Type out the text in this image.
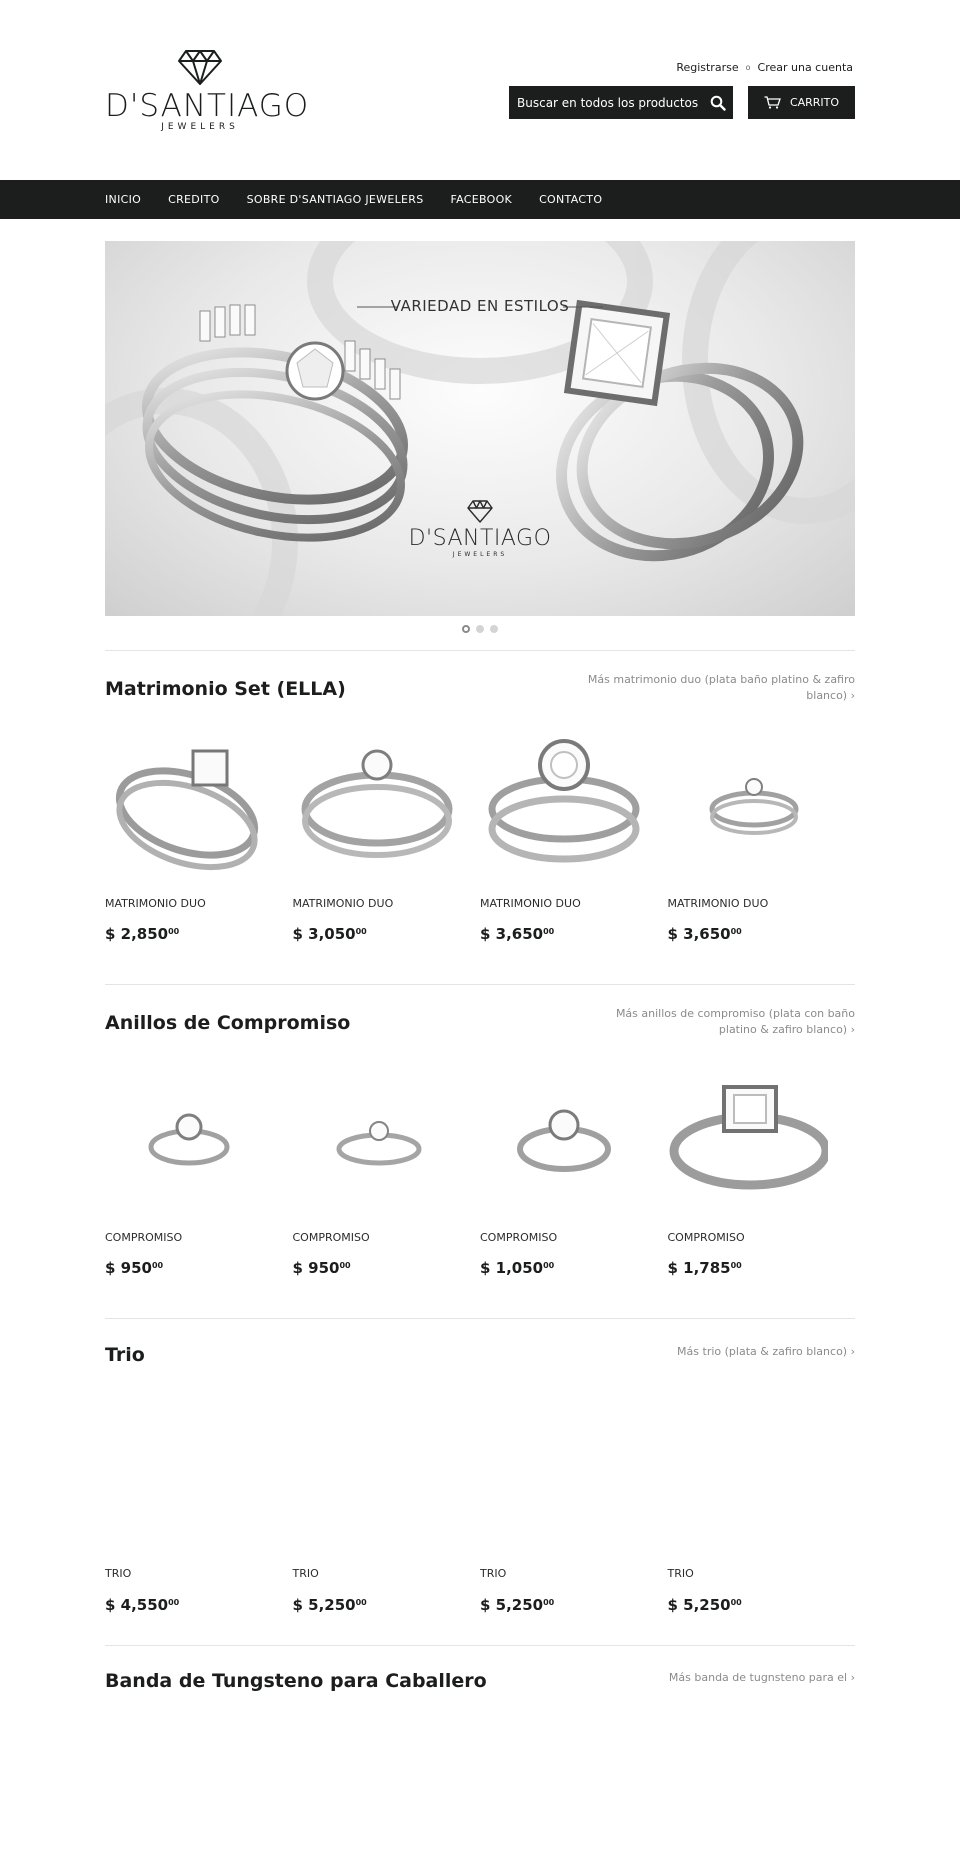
D'SANTIAGO
JEWELERS
Registrarse o Crear una cuenta
Buscar en todos los productos	CARRITO
INICIO CREDITO SOBRE D'SANTIAGO JEWELERS FACEBOOK CONTACTO
VARIEDAD EN ESTILOS
D'SANTIAGO
JEWELERS
Matrimonio Set (ELLA)	Más matrimonio duo (plata baño platino & zafiro blanco) ›
MATRIMONIO DUO
$ 2,850$^{00}$
MATRIMONIO DUO
$ 3,050$^{00}$
MATRIMONIO DUO
$ 3,650$^{00}$
MATRIMONIO DUO
$ 3,650$^{00}$
Anillos de Compromiso	Más anillos de compromiso (plata con baño platino & zafiro blanco) ›
COMPROMISO
$ $950^{00}$
COMPROMISO
$ $950^{00}$
COMPROMISO
$ 1,050$^{00}$
COMPROMISO
$ 1,785$^{00}$
Trio	Más trio (plata & zafiro blanco) ›
TRIO
$ 4,550$^{00}$
TRIO
$ 5,250$^{00}$
TRIO
$ 5,250$^{00}$
TRIO
$ 5,250$^{00}$
Banda de Tungsteno para Caballero	Más banda de tugnsteno para el ›
